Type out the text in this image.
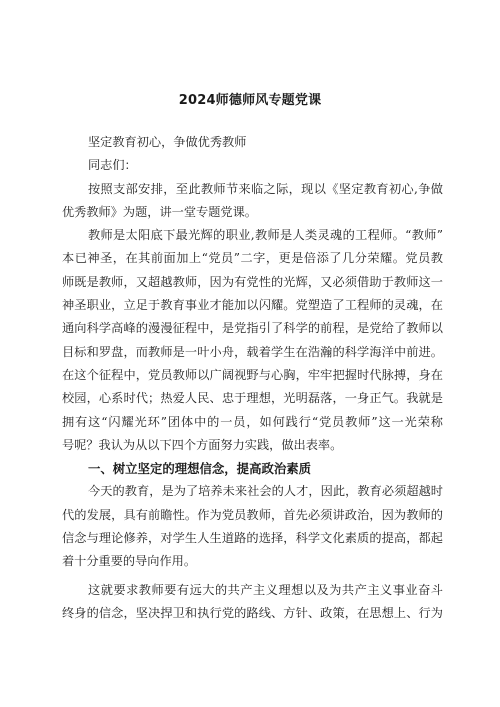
2024师德师风专题党课
坚定教育初心，争做优秀教师
同志们：
按照支部安排，至此教师节来临之际，现以《坚定教育初心,争做
优秀教师》为题，讲一堂专题党课。
教师是太阳底下最光辉的职业,教师是人类灵魂的工程师。“教师”
本已神圣，在其前面加上“党员”二字，更是倍添了几分荣耀。党员教
师既是教师，又超越教师，因为有党性的光辉，又必须借助于教师这一
神圣职业，立足于教育事业才能加以闪耀。党塑造了工程师的灵魂，在
通向科学高峰的漫漫征程中，是党指引了科学的前程，是党给了教师以
目标和罗盘，而教师是一叶小舟，载着学生在浩瀚的科学海洋中前进。
在这个征程中，党员教师以广阔视野与心胸，牢牢把握时代脉搏，身在
校园，心系时代；热爱人民、忠于理想，光明磊落，一身正气。我就是
拥有这“闪耀光环”团体中的一员，如何践行“党员教师”这一光荣称
号呢？我认为从以下四个方面努力实践，做出表率。
一、树立坚定的理想信念，提高政治素质
今天的教育，是为了培养未来社会的人才，因此，教育必须超越时
代的发展，具有前瞻性。作为党员教师，首先必须讲政治，因为教师的
信念与理论修养，对学生人生道路的选择，科学文化素质的提高，都起
着十分重要的导向作用。
这就要求教师要有远大的共产主义理想以及为共产主义事业奋斗
终身的信念，坚决捍卫和执行党的路线、方针、政策，在思想上、行为
